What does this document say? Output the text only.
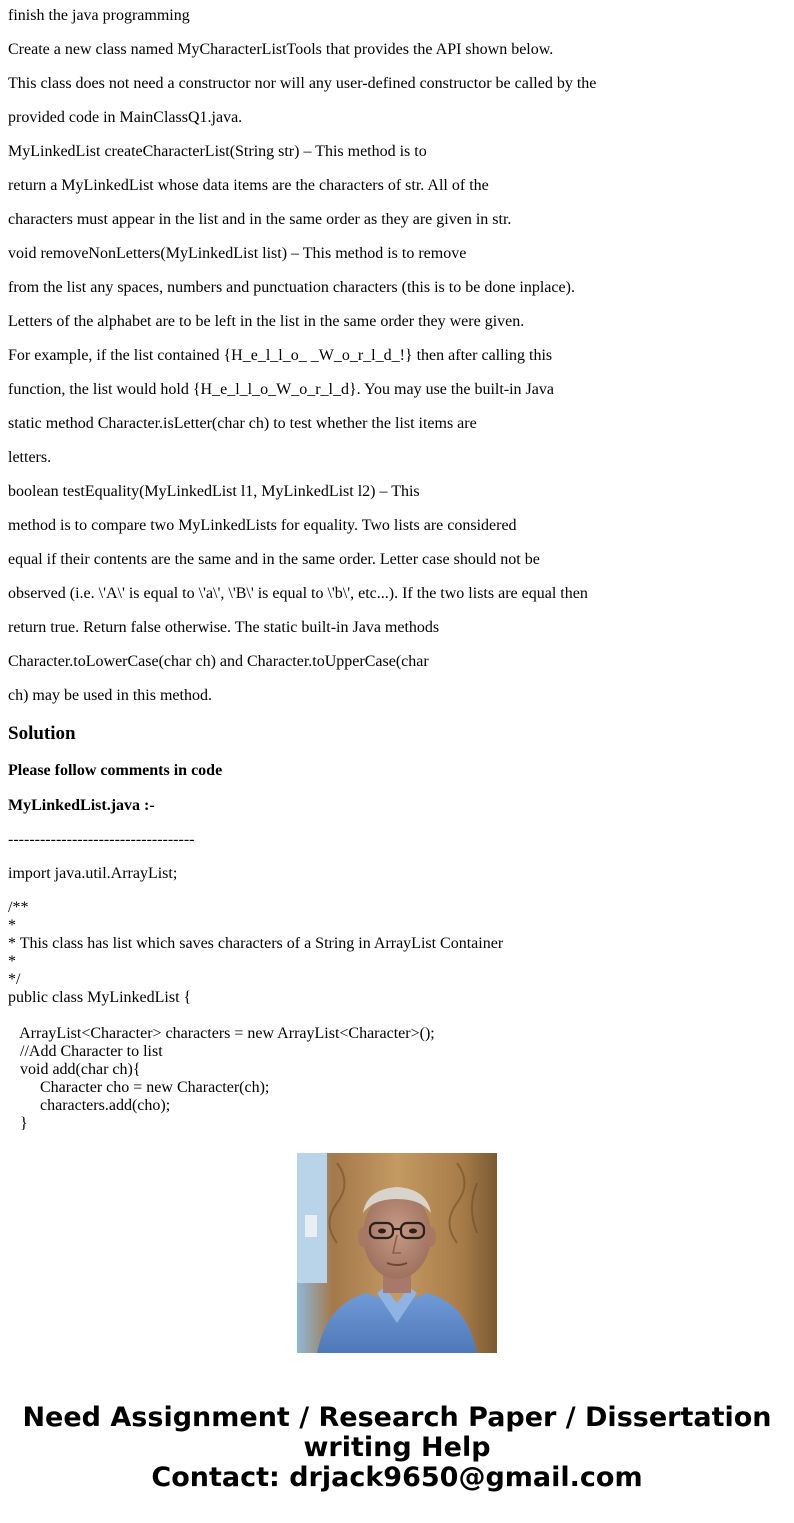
finish the java programming
Create a new class named MyCharacterListTools that provides the API shown below.
This class does not need a constructor nor will any user-defined constructor be called by the
provided code in MainClassQ1.java.
MyLinkedList createCharacterList(String str) – This method is to
return a MyLinkedList whose data items are the characters of str. All of the
characters must appear in the list and in the same order as they are given in str.
void removeNonLetters(MyLinkedList list) – This method is to remove
from the list any spaces, numbers and punctuation characters (this is to be done inplace).
Letters of the alphabet are to be left in the list in the same order they were given.
For example, if the list contained {H_e_l_l_o_ _W_o_r_l_d_!} then after calling this
function, the list would hold {H_e_l_l_o_W_o_r_l_d}. You may use the built-in Java
static method Character.isLetter(char ch) to test whether the list items are
letters.
boolean testEquality(MyLinkedList l1, MyLinkedList l2) – This
method is to compare two MyLinkedLists for equality. Two lists are considered
equal if their contents are the same and in the same order. Letter case should not be
observed (i.e. \'A\' is equal to \'a\', \'B\' is equal to \'b\', etc...). If the two lists are equal then
return true. Return false otherwise. The static built-in Java methods
Character.toLowerCase(char ch) and Character.toUpperCase(char
ch) may be used in this method.
Solution
Please follow comments in code
MyLinkedList.java :-
-----------------------------------
import java.util.ArrayList;
/**
*
* This class has list which saves characters of a String in ArrayList Container
*
*/
public class MyLinkedList {

ArrayList<Character> characters = new ArrayList<Character>();
//Add Character to list
void add(char ch){
Character cho = new Character(ch);
characters.add(cho);
}
Need Assignment / Research Paper / Dissertation
writing Help
Contact: drjack9650@gmail.com
